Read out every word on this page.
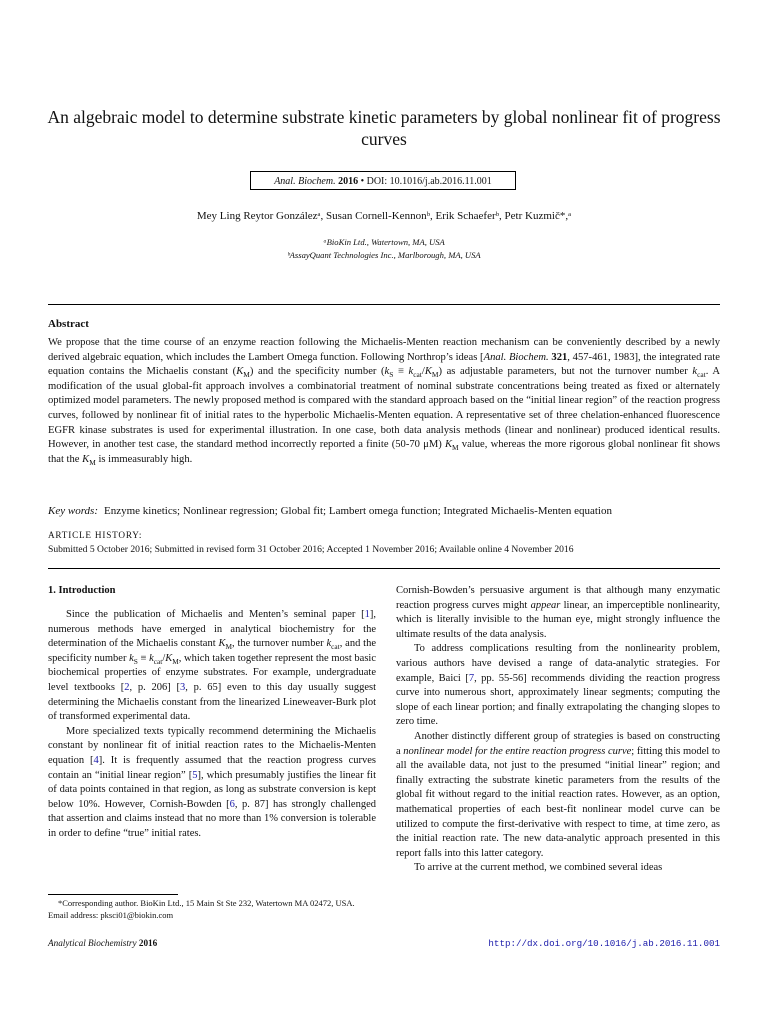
An algebraic model to determine substrate kinetic parameters by global nonlinear fit of progress curves
Anal. Biochem. 2016 • DOI: 10.1016/j.ab.2016.11.001
Mey Ling Reytor Gonzálezᵃ, Susan Cornell-Kennonᵇ, Erik Schaeferᵇ, Petr Kuzmič*,ᵃ
ᵃBioKin Ltd., Watertown, MA, USA
ᵇAssayQuant Technologies Inc., Marlborough, MA, USA
Abstract
We propose that the time course of an enzyme reaction following the Michaelis-Menten reaction mechanism can be conveniently described by a newly derived algebraic equation, which includes the Lambert Omega function. Following Northrop’s ideas [Anal. Biochem. 321, 457-461, 1983], the integrated rate equation contains the Michaelis constant $(K_M)$ and the specificity number $(k_S \equiv k_{cat}/K_M)$ as adjustable parameters, but not the turnover number $k_{cat}$. A modification of the usual global-fit approach involves a combinatorial treatment of nominal substrate concentrations being treated as fixed or alternately optimized model parameters. The newly proposed method is compared with the standard approach based on the “initial linear region” of the reaction progress curves, followed by nonlinear fit of initial rates to the hyperbolic Michaelis-Menten equation. A representative set of three chelation-enhanced fluorescence EGFR kinase substrates is used for experimental illustration. In one case, both data analysis methods (linear and nonlinear) produced identical results. However, in another test case, the standard method incorrectly reported a finite (50-70 μM) $K_M$ value, whereas the more rigorous global nonlinear fit shows that the $K_M$ is immeasurably high.
Key words: Enzyme kinetics; Nonlinear regression; Global fit; Lambert omega function; Integrated Michaelis-Menten equation
ARTICLE HISTORY:
Submitted 5 October 2016; Submitted in revised form 31 October 2016; Accepted 1 November 2016; Available online 4 November 2016
1. Introduction

Since the publication of Michaelis and Menten’s seminal paper [1], numerous methods have emerged in analytical biochemistry for the determination of the Michaelis constant $K_M$, the turnover number $k_{cat}$, and the specificity number $k_S \equiv k_{cat}/K_M$, which taken together represent the most basic biochemical properties of enzyme substrates. For example, undergraduate level textbooks [2, p. 206] [3, p. 65] even to this day usually suggest determining the Michaelis constant from the linearized Lineweaver-Burk plot of transformed experimental data.

More specialized texts typically recommend determining the Michaelis constant by nonlinear fit of initial reaction rates to the Michaelis-Menten equation [4]. It is frequently assumed that the reaction progress curves contain an “initial linear region” [5], which presumably justifies the linear fit of data points contained in that region, as long as substrate conversion is kept below 10%. However, Cornish-Bowden [6, p. 87] has strongly challenged that assertion and claims instead that no more than 1% conversion is tolerable in order to define “true” initial rates.

Cornish-Bowden’s persuasive argument is that although many enzymatic reaction progress curves might appear linear, an imperceptible nonlinearity, which is literally invisible to the human eye, might strongly influence the ultimate results of the data analysis.

To address complications resulting from the nonlinearity problem, various authors have devised a range of data-analytic strategies. For example, Baici [7, pp. 55-56] recommends dividing the reaction progress curve into numerous short, approximately linear segments; computing the slope of each linear portion; and finally extrapolating the changing slopes to zero time.

Another distinctly different group of strategies is based on constructing a nonlinear model for the entire reaction progress curve; fitting this model to all the available data, not just to the presumed “initial linear” region; and finally extracting the substrate kinetic parameters from the results of the global fit without regard to the initial reaction rates. However, as an option, mathematical properties of each best-fit nonlinear model curve can be utilized to compute the first-derivative with respect to time, at time zero, as the initial reaction rate. The new data-analytic approach presented in this report falls into this latter category.

To arrive at the current method, we combined several ideas

*Corresponding author. BioKin Ltd., 15 Main St Ste 232, Watertown MA 02472, USA. Email address: pksci01@biokin.com
Analytical Biochemistry 2016	http://dx.doi.org/10.1016/j.ab.2016.11.001
